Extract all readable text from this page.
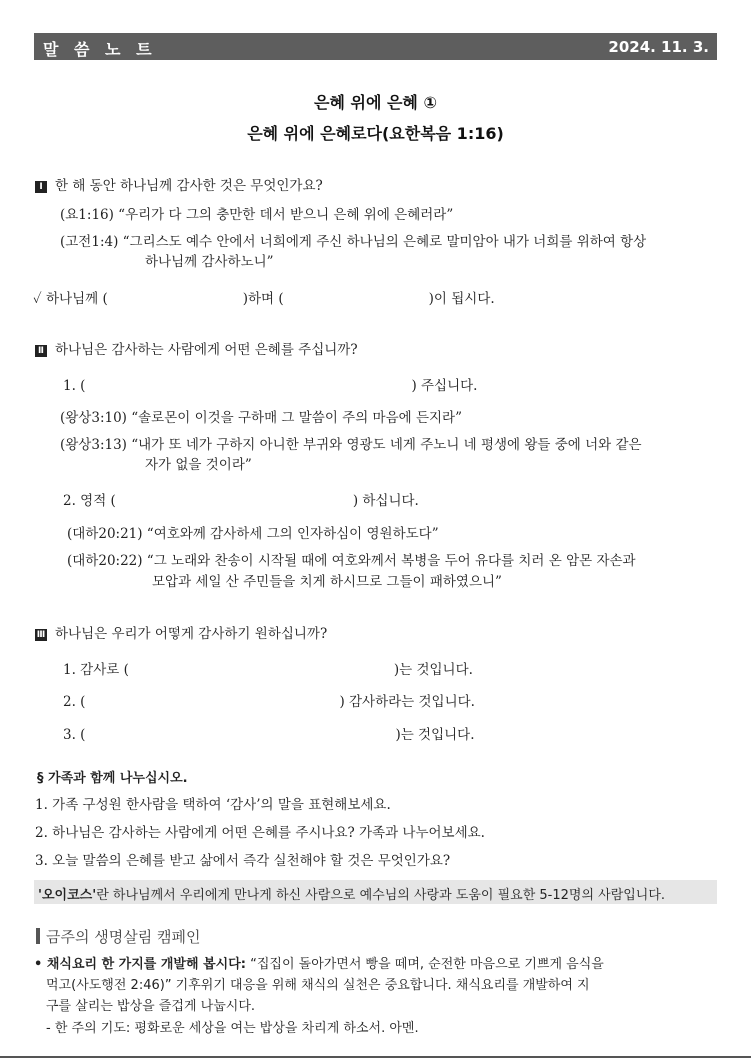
말 씀 노 트	2024. 11. 3.
은혜 위에 은혜 ①
은혜 위에 은혜로다(요한복음 1:16)
Ⅰ 한 해 동안 하나님께 감사한 것은 무엇인가요?
(요1:16) “우리가 다 그의 충만한 데서 받으니 은혜 위에 은혜러라”
(고전1:4) “그리스도 예수 안에서 너희에게 주신 하나님의 은혜로 말미암아 내가 너희를 위하여 항상
하나님께 감사하노니”
✓ 하나님께 (	)하며 (	)이 됩시다.
Ⅱ 하나님은 감사하는 사람에게 어떤 은혜를 주십니까?
1. (	) 주십니다.
(왕상3:10) “솔로몬이 이것을 구하매 그 말씀이 주의 마음에 든지라”
(왕상3:13) “내가 또 네가 구하지 아니한 부귀와 영광도 네게 주노니 네 평생에 왕들 중에 너와 같은
자가 없을 것이라”
2. 영적 (	) 하십니다.
(대하20:21) “여호와께 감사하세 그의 인자하심이 영원하도다”
(대하20:22) “그 노래와 찬송이 시작될 때에 여호와께서 복병을 두어 유다를 치러 온 암몬 자손과
모압과 세일 산 주민들을 치게 하시므로 그들이 패하였으니”
Ⅲ 하나님은 우리가 어떻게 감사하기 원하십니까?
1. 감사로 (	)는 것입니다.
2. (	) 감사하라는 것입니다.
3. (	)는 것입니다.
§ 가족과 함께 나누십시오.
1. 가족 구성원 한사람을 택하여 ‘감사’의 말을 표현해보세요.
2. 하나님은 감사하는 사람에게 어떤 은혜를 주시나요? 가족과 나누어보세요.
3. 오늘 말씀의 은혜를 받고 삶에서 즉각 실천해야 할 것은 무엇인가요?
'오이코스'란 하나님께서 우리에게 만나게 하신 사람으로 예수님의 사랑과 도움이 필요한 5-12명의 사람입니다.
금주의 생명살림 캠페인
• 채식요리 한 가지를 개발해 봅시다: “집집이 돌아가면서 빵을 떼며, 순전한 마음으로 기쁘게 음식을
먹고(사도행전 2:46)” 기후위기 대응을 위해 채식의 실천은 중요합니다. 채식요리를 개발하여 지
구를 살리는 밥상을 즐겁게 나눕시다.
- 한 주의 기도: 평화로운 세상을 여는 밥상을 차리게 하소서. 아멘.
